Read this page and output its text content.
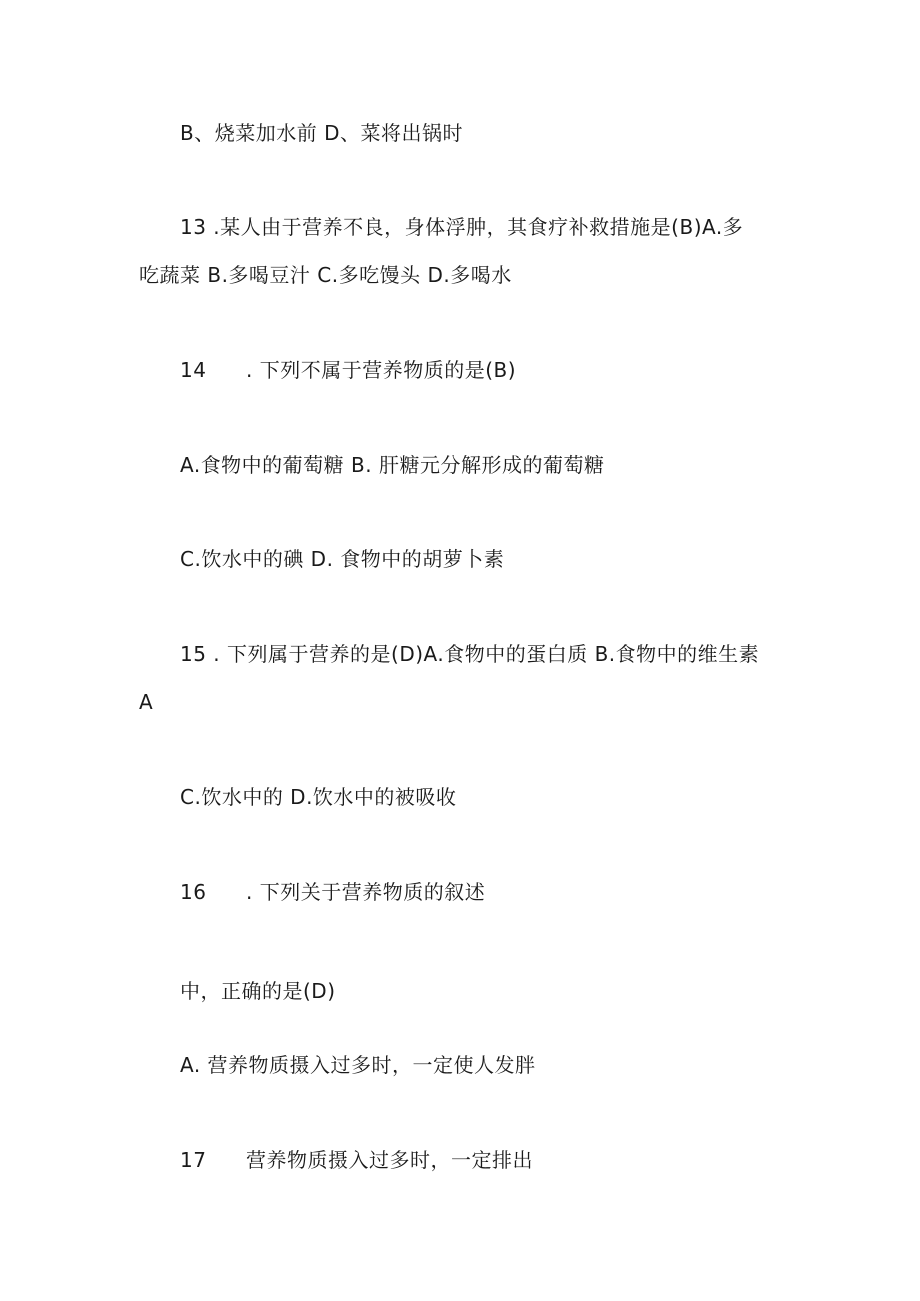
B、烧菜加水前 D、菜将出锅时
13 .某人由于营养不良，身体浮肿，其食疗补救措施是(B)A.多
吃蔬菜 B.多喝豆汁 C.多吃馒头 D.多喝水
14 . 下列不属于营养物质的是(B)
A.食物中的葡萄糖 B. 肝糖元分解形成的葡萄糖
C.饮水中的碘 D. 食物中的胡萝卜素
15 . 下列属于营养的是(D)A.食物中的蛋白质 B.食物中的维生素
A
C.饮水中的 D.饮水中的被吸收
16 . 下列关于营养物质的叙述
中，正确的是(D)
A. 营养物质摄入过多时，一定使人发胖
17 营养物质摄入过多时，一定排出
